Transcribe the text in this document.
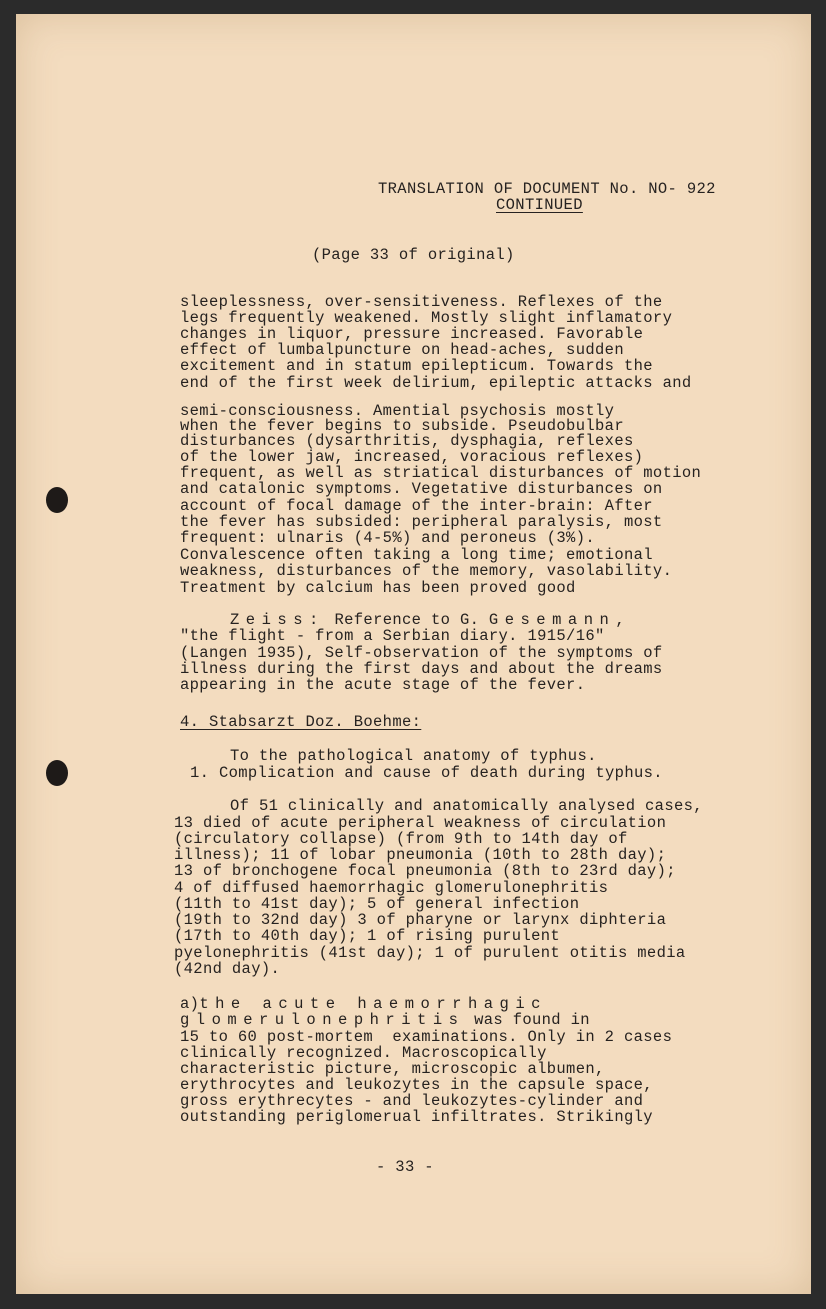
TRANSLATION OF DOCUMENT No. NO- 922
CONTINUED
(Page 33 of original)
sleeplessness, over-sensitiveness. Reflexes of the
legs frequently weakened. Mostly slight inflamatory
changes in liquor, pressure increased. Favorable
effect of lumbalpuncture on head-aches, sudden
excitement and in statum epilepticum. Towards the
end of the first week delirium, epileptic attacks and
semi-consciousness. Amential psychosis mostly
when the fever begins to subside. Pseudobulbar
disturbances (dysarthritis, dysphagia, reflexes
of the lower jaw, increased, voracious reflexes)
frequent, as well as striatical disturbances of motion
and catalonic symptoms. Vegetative disturbances on
account of focal damage of the inter-brain: After
the fever has subsided: peripheral paralysis, most
frequent: ulnaris (4-5%) and peroneus (3%).
Convalescence often taking a long time; emotional
weakness, disturbances of the memory, vasolability.
Treatment by calcium has been proved good
Zeiss: Reference to G. Gesemann,
"the flight - from a Serbian diary. 1915/16"
(Langen 1935), Self-observation of the symptoms of
illness during the first days and about the dreams
appearing in the acute stage of the fever.
4. Stabsarzt Doz. Boehme:
To the pathological anatomy of typhus.
1. Complication and cause of death during typhus.
Of 51 clinically and anatomically analysed cases,
13 died of acute peripheral weakness of circulation
(circulatory collapse) (from 9th to 14th day of
illness); 11 of lobar pneumonia (10th to 28th day);
13 of bronchogene focal pneumonia (8th to 23rd day);
4 of diffused haemorrhagic glomerulonephritis
(11th to 41st day); 5 of general infection
(19th to 32nd day) 3 of pharyne or larynx diphteria
(17th to 40th day); 1 of rising purulent
pyelonephritis (41st day); 1 of purulent otitis media
(42nd day).
a)the acute haemorrhagic
glomerulonephritis was found in
15 to 60 post-mortem  examinations. Only in 2 cases
clinically recognized. Macroscopically
characteristic picture, microscopic albumen,
erythrocytes and leukozytes in the capsule space,
gross erythrecytes - and leukozytes-cylinder and
outstanding periglomerual infiltrates. Strikingly
- 33 -
